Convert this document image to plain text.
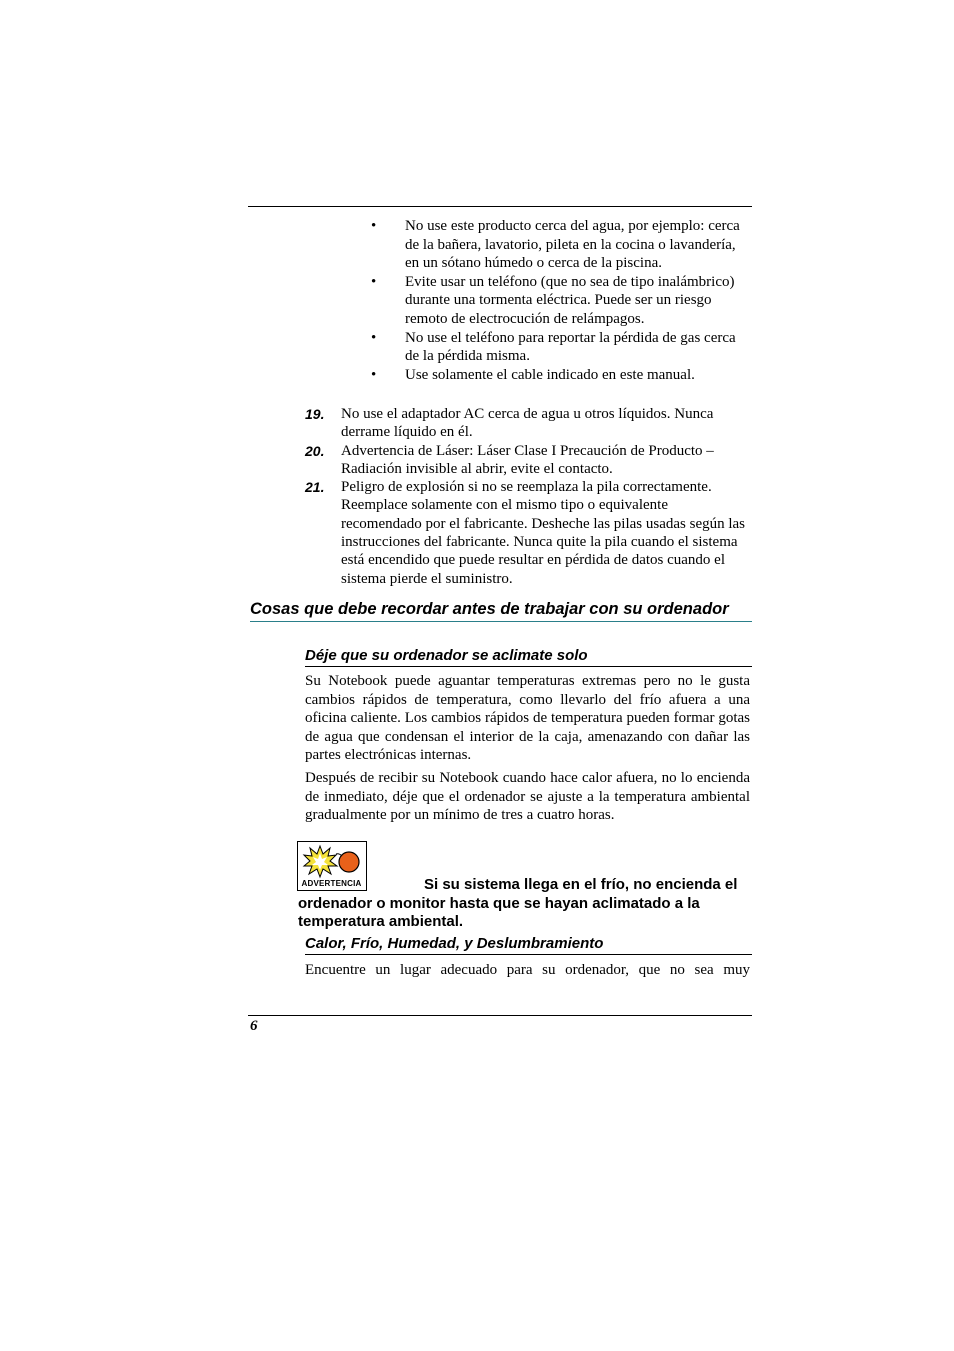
• No use este producto cerca del agua, por ejemplo: cerca de la bañera, lavatorio, pileta en la cocina o lavandería, en un sótano húmedo o cerca de la piscina.
• Evite usar un teléfono (que no sea de tipo inalámbrico) durante una tormenta eléctrica. Puede ser un riesgo remoto de electrocución de relámpagos.
• No use el teléfono para reportar la pérdida de gas cerca de la pérdida misma.
• Use solamente el cable indicado en este manual.
19. No use el adaptador AC cerca de agua u otros líquidos. Nunca derrame líquido en él.
20. Advertencia de Láser: Láser Clase I Precaución de Producto – Radiación invisible al abrir, evite el contacto.
21. Peligro de explosión si no se reemplaza la pila correctamente. Reemplace solamente con el mismo tipo o equivalente recomendado por el fabricante. Desheche las pilas usadas según las instrucciones del fabricante. Nunca quite la pila cuando el sistema está encendido que puede resultar en pérdida de datos cuando el sistema pierde el suministro.
Cosas que debe recordar antes de trabajar con su ordenador
Déje que su ordenador se aclimate solo

Su Notebook puede aguantar temperaturas extremas pero no le gusta cambios rápidos de temperatura, como llevarlo del frío afuera a una oficina caliente. Los cambios rápidos de temperatura pueden formar gotas de agua que condensan el interior de la caja, amenazando con dañar las partes electrónicas internas.

Después de recibir su Notebook cuando hace calor afuera, no lo encienda de inmediato, déje que el ordenador se ajuste a la temperatura ambiental gradualmente por un mínimo de tres a cuatro horas.

ADVERTENCIA	Si su sistema llega en el frío, no encienda el ordenador o monitor hasta que se hayan aclimatado a la temperatura ambiental.
Calor, Frío, Humedad, y Deslumbramiento

Encuentre un lugar adecuado para su ordenador, que no sea muy

6
